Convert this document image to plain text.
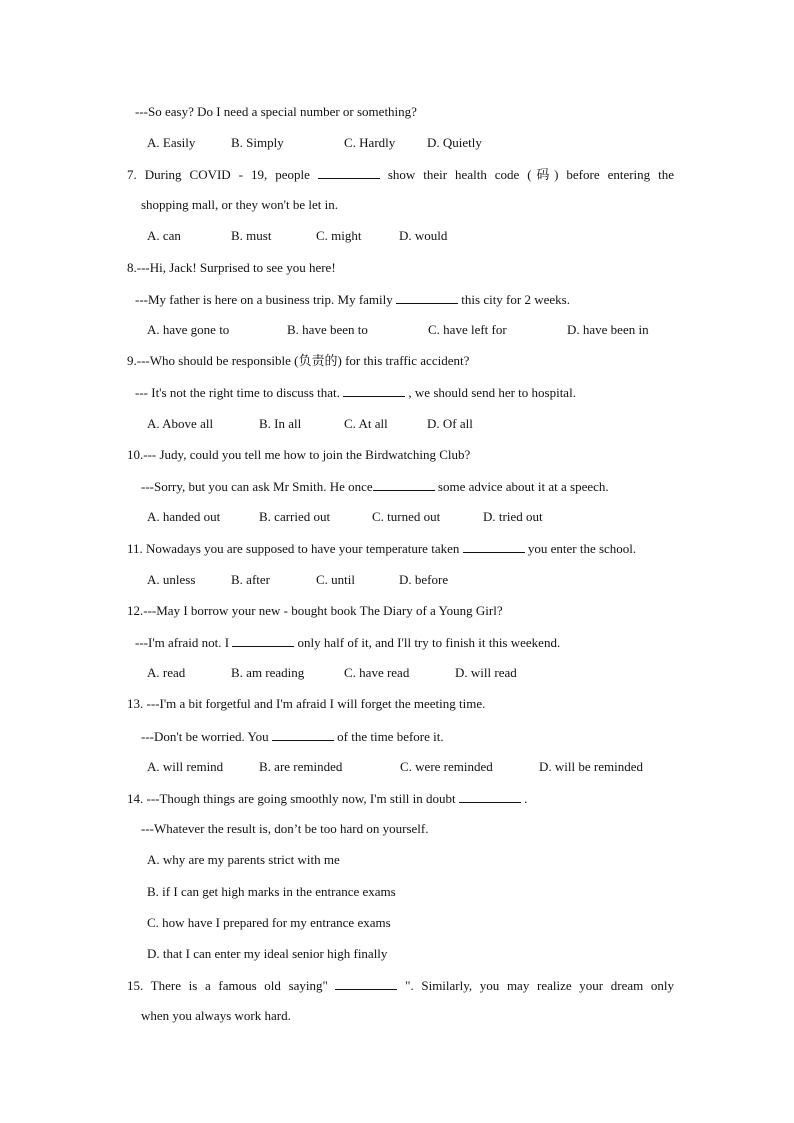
---So easy? Do I need a special number or something?
A. Easily	B. Simply	C. Hardly D. Quietly
7. During COVID - 19, people	show their health code (码) before entering the
shopping mall, or they won't be let in.
A. can	B. must	C. might	D. would
8.---Hi, Jack! Surprised to see you here!
---My father is here on a business trip. My family	this city for 2 weeks.
A. have gone to	B. have been to	C. have left for	D. have been in
9.---Who should be responsible (负责的) for this traffic accident?
--- It's not the right time to discuss that.	, we should send her to hospital.
A. Above all	B. In all	C. At all	D. Of all
10.--- Judy, could you tell me how to join the Birdwatching Club?
---Sorry, but you can ask Mr Smith. He once	some advice about it at a speech.
A. handed out	B. carried out	C. turned out	D. tried out
11. Nowadays you are supposed to have your temperature taken	you enter the school.
A. unless	B. after	C. until	D. before
12.---May I borrow your new - bought book The Diary of a Young Girl?
---I'm afraid not. I	only half of it, and I'll try to finish it this weekend.
A. read	B. am reading	C. have read	D. will read
13. ---I'm a bit forgetful and I'm afraid I will forget the meeting time.
---Don't be worried. You	of the time before it.
A. will remind	B. are reminded	C. were reminded	D. will be reminded
14. ---Though things are going smoothly now, I'm still in doubt	.
---Whatever the result is, don’t be too hard on yourself.
A. why are my parents strict with me
B. if I can get high marks in the entrance exams
C. how have I prepared for my entrance exams
D. that I can enter my ideal senior high finally
15. There is a famous old saying"	". Similarly, you may realize your dream only
when you always work hard.
